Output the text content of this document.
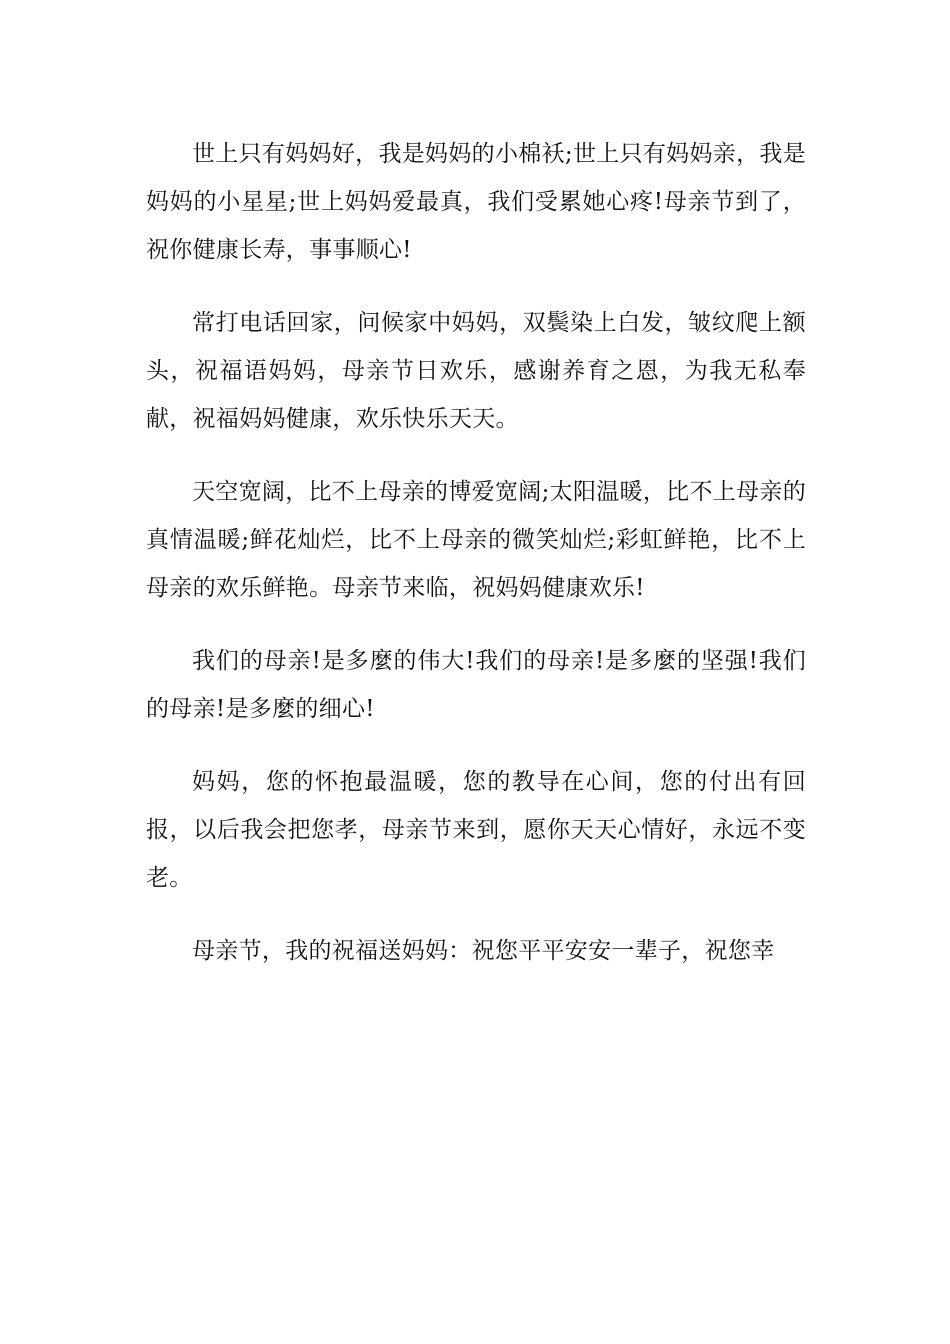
世上只有妈妈好，我是妈妈的小棉袄;世上只有妈妈亲，我是妈妈的小星星;世上妈妈爱最真，我们受累她心疼!母亲节到了，祝你健康长寿，事事顺心!

常打电话回家，问候家中妈妈，双鬓染上白发，皱纹爬上额头，祝福语妈妈，母亲节日欢乐，感谢养育之恩，为我无私奉献，祝福妈妈健康，欢乐快乐天天。

天空宽阔，比不上母亲的博爱宽阔;太阳温暖，比不上母亲的真情温暖;鲜花灿烂，比不上母亲的微笑灿烂;彩虹鲜艳，比不上母亲的欢乐鲜艳。母亲节来临，祝妈妈健康欢乐!

我们的母亲!是多麼的伟大!我们的母亲!是多麼的坚强!我们的母亲!是多麼的细心!

妈妈，您的怀抱最温暖，您的教导在心间，您的付出有回报，以后我会把您孝，母亲节来到，愿你天天心情好，永远不变老。

母亲节，我的祝福送妈妈：祝您平平安安一辈子，祝您幸
